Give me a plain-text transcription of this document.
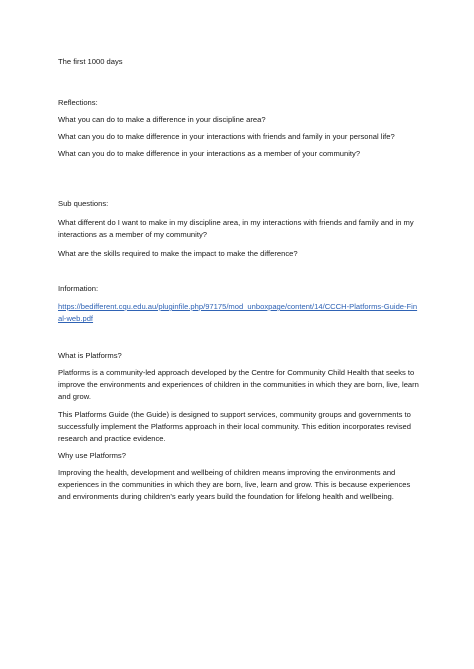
The first 1000 days

Reflections:

What you can do to make a difference in your discipline area?

What can you do to make difference in your interactions with friends and family in your personal life?

What can you do to make difference in your interactions as a member of your community?

Sub questions:

What different do I want to make in my discipline area, in my interactions with friends and family and in my interactions as a member of my community?

What are the skills required to make the impact to make the difference?

Information:

https://bedifferent.cqu.edu.au/pluginfile.php/97175/mod_unboxpage/content/14/CCCH-Platforms-Guide-Final-web.pdf

What is Platforms?

Platforms is a community-led approach developed by the Centre for Community Child Health that seeks to improve the environments and experiences of children in the communities in which they are born, live, learn and grow.

This Platforms Guide (the Guide) is designed to support services, community groups and governments to successfully implement the Platforms approach in their local community. This edition incorporates revised research and practice evidence.

Why use Platforms?

Improving the health, development and wellbeing of children means improving the environments and experiences in the communities in which they are born, live, learn and grow. This is because experiences and environments during children’s early years build the foundation for lifelong health and wellbeing.
